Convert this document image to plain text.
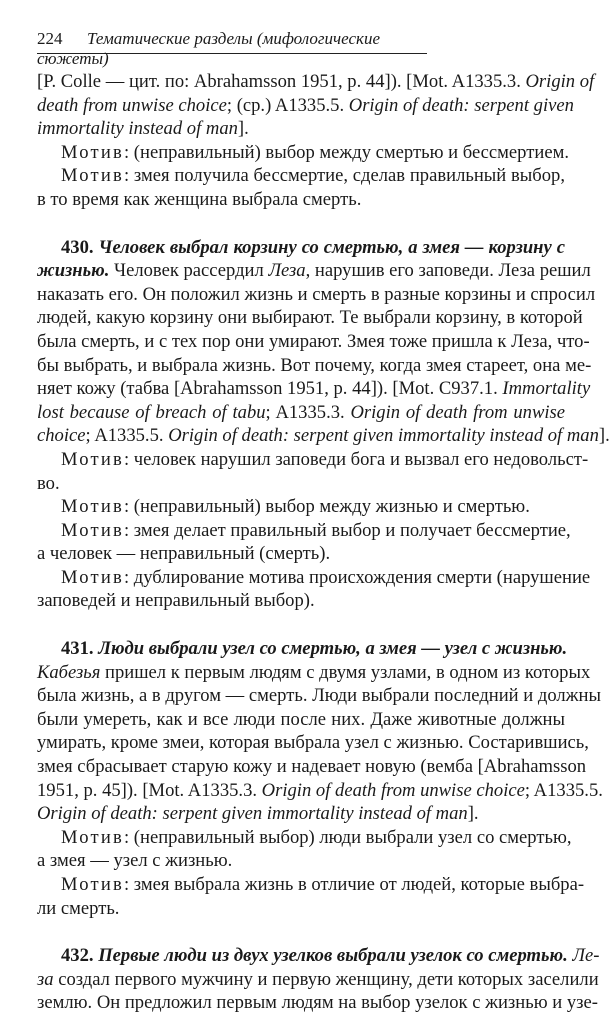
224 Тематические разделы (мифологические сюжеты)
[P. Colle — цит. по: Abrahamsson 1951, p. 44]). [Mot. A1335.3. Origin of
death from unwise choice; (ср.) A1335.5. Origin of death: serpent given
immortality instead of man].
Мотив: (неправильный) выбор между смертью и бессмертием.
Мотив: змея получила бессмертие, сделав правильный выбор,
в то время как женщина выбрала смерть.
430. Человек выбрал корзину со смертью, а змея — корзину с
жизнью. Человек рассердил Леза, нарушив его заповеди. Леза решил
наказать его. Он положил жизнь и смерть в разные корзины и спросил
людей, какую корзину они выбирают. Те выбрали корзину, в которой
была смерть, и с тех пор они умирают. Змея тоже пришла к Леза, что-
бы выбрать, и выбрала жизнь. Вот почему, когда змея стареет, она ме-
няет кожу (табва [Abrahamsson 1951, p. 44]). [Mot. C937.1. Immortality
lost because of breach of tabu; A1335.3. Origin of death from unwise
choice; A1335.5. Origin of death: serpent given immortality instead of man].
Мотив: человек нарушил заповеди бога и вызвал его недовольст-
во.
Мотив: (неправильный) выбор между жизнью и смертью.
Мотив: змея делает правильный выбор и получает бессмертие,
а человек — неправильный (смерть).
Мотив: дублирование мотива происхождения смерти (нарушение
заповедей и неправильный выбор).
431. Люди выбрали узел со смертью, а змея — узел с жизнью.
Кабезья пришел к первым людям с двумя узлами, в одном из которых
была жизнь, а в другом — смерть. Люди выбрали последний и должны
были умереть, как и все люди после них. Даже животные должны
умирать, кроме змеи, которая выбрала узел с жизнью. Состарившись,
змея сбрасывает старую кожу и надевает новую (вемба [Abrahamsson
1951, p. 45]). [Mot. A1335.3. Origin of death from unwise choice; A1335.5.
Origin of death: serpent given immortality instead of man].
Мотив: (неправильный выбор) люди выбрали узел со смертью,
а змея — узел с жизнью.
Мотив: змея выбрала жизнь в отличие от людей, которые выбра-
ли смерть.
432. Первые люди из двух узелков выбрали узелок со смертью. Ле-
за создал первого мужчину и первую женщину, дети которых заселили
землю. Он предложил первым людям на выбор узелок с жизнью и узе-
